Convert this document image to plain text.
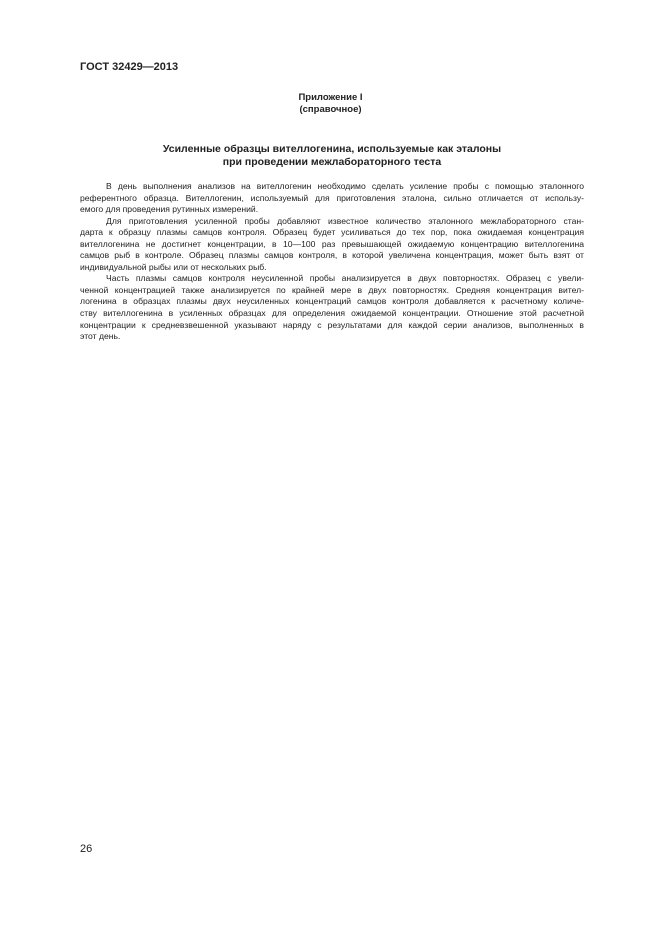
ГОСТ 32429—2013
Приложение I
(справочное)
Усиленные образцы вителлогенина, используемые как эталоны
при проведении межлабораторного теста
В день выполнения анализов на вителлогенин необходимо сделать усиление пробы с помощью эталонного
референтного образца. Вителлогенин, используемый для приготовления эталона, сильно отличается от использу-
емого для проведения рутинных измерений.
Для приготовления усиленной пробы добавляют известное количество эталонного межлабораторного стан-
дарта к образцу плазмы самцов контроля. Образец будет усиливаться до тех пор, пока ожидаемая концентрация
вителлогенина не достигнет концентрации, в 10—100 раз превышающей ожидаемую концентрацию вителлогенина
самцов рыб в контроле. Образец плазмы самцов контроля, в которой увеличена концентрация, может быть взят от
индивидуальной рыбы или от нескольких рыб.
Часть плазмы самцов контроля неусиленной пробы анализируется в двух повторностях. Образец с увели-
ченной концентрацией также анализируется по крайней мере в двух повторностях. Средняя концентрация вител-
логенина в образцах плазмы двух неусиленных концентраций самцов контроля добавляется к расчетному количе-
ству вителлогенина в усиленных образцах для определения ожидаемой концентрации. Отношение этой расчетной
концентрации к средневзвешенной указывают наряду с результатами для каждой серии анализов, выполненных в
этот день.
26
